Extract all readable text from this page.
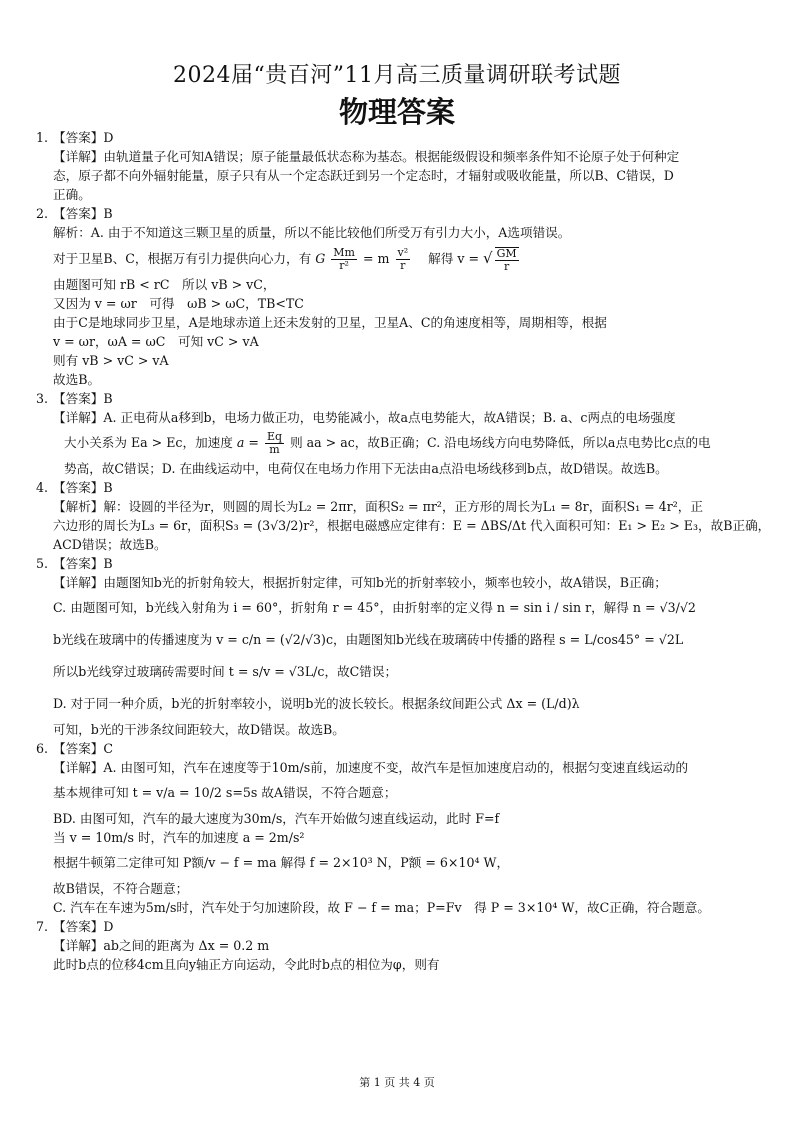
2024届“贵百河”11月高三质量调研联考试题
物理答案
1. 【答案】D
【详解】由轨道量子化可知A错误；原子能量最低状态称为基态。根据能级假设和频率条件知不论原子处于何种定
态，原子都不向外辐射能量，原子只有从一个定态跃迁到另一个定态时，才辐射或吸收能量，所以B、C错误，D
正确。
2. 【答案】B
解析：A. 由于不知道这三颗卫星的质量，所以不能比较他们所受万有引力大小，A选项错误。
对于卫星B、C，根据万有引力提供向心力，有 G $\frac{Mm}{\text{r²}} = m \frac{\text{v²}}{r}$ 解得 v = √ $\frac{GM}{r}$
由题图可知 rB < rC　所以 vB > vC，
又因为 v = ωr　可得　ωB > ωC，TB<TC
由于C是地球同步卫星，A是地球赤道上还未发射的卫星，卫星A、C的角速度相等，周期相等，根据
v = ωr，ωA = ωC　可知 vC > vA
则有 vB > vC > vA
故选B。
3. 【答案】B
【详解】A. 正电荷从a移到b，电场力做正功，电势能减小，故a点电势能大，故A错误；B. a、c两点的电场强度
大小关系为 Ea > Ec，加速度 $a = \frac{Eq}{m}$ 则 aa > ac，故B正确；C. 沿电场线方向电势降低，所以a点电势比c点的电
势高，故C错误；D. 在曲线运动中，电荷仅在电场力作用下无法由a点沿电场线移到b点，故D错误。故选B。
4. 【答案】B
【解析】解：设圆的半径为r，则圆的周长为L₂ = 2πr，面积S₂ = πr²，正方形的周长为L₁ = 8r，面积S₁ = 4r²，正
六边形的周长为L₃ = 6r，面积S₃ = (3√3/2)r²，根据电磁感应定律有：E = ΔBS/Δt 代入面积可知：E₁ > E₂ > E₃，故B正确，
ACD错误；故选B。
5. 【答案】B
【详解】由题图知b光的折射角较大，根据折射定律，可知b光的折射率较小，频率也较小，故A错误，B正确；
C. 由题图可知，b光线入射角为 i = 60°，折射角 r = 45°，由折射率的定义得 n = sin i / sin r，解得 n = √3/√2
b光线在玻璃中的传播速度为 v = c/n = (√2/√3)c，由题图知b光线在玻璃砖中传播的路程 s = L/cos45° = √2L
所以b光线穿过玻璃砖需要时间 t = s/v = √3L/c，故C错误；
D. 对于同一种介质，b光的折射率较小，说明b光的波长较长。根据条纹间距公式 Δx = (L/d)λ
可知，b光的干涉条纹间距较大，故D错误。故选B。
6. 【答案】C
【详解】A. 由图可知，汽车在速度等于10m/s前，加速度不变，故汽车是恒加速度启动的，根据匀变速直线运动的
基本规律可知 t = v/a = 10/2 s=5s 故A错误，不符合题意；
BD. 由图可知，汽车的最大速度为30m/s，汽车开始做匀速直线运动，此时 F=f
当 v = 10m/s 时，汽车的加速度 a = 2m/s²
根据牛顿第二定律可知 P额/v − f = ma 解得 f = 2×10³ N，P额 = 6×10⁴ W，
故B错误，不符合题意；
C. 汽车在车速为5m/s时，汽车处于匀加速阶段，故 F − f = ma；P=Fv　得 P = 3×10⁴ W，故C正确，符合题意。
7. 【答案】D
【详解】ab之间的距离为 Δx = 0.2 m
此时b点的位移4cm且向y轴正方向运动，令此时b点的相位为φ，则有
第 1 页 共 4 页
